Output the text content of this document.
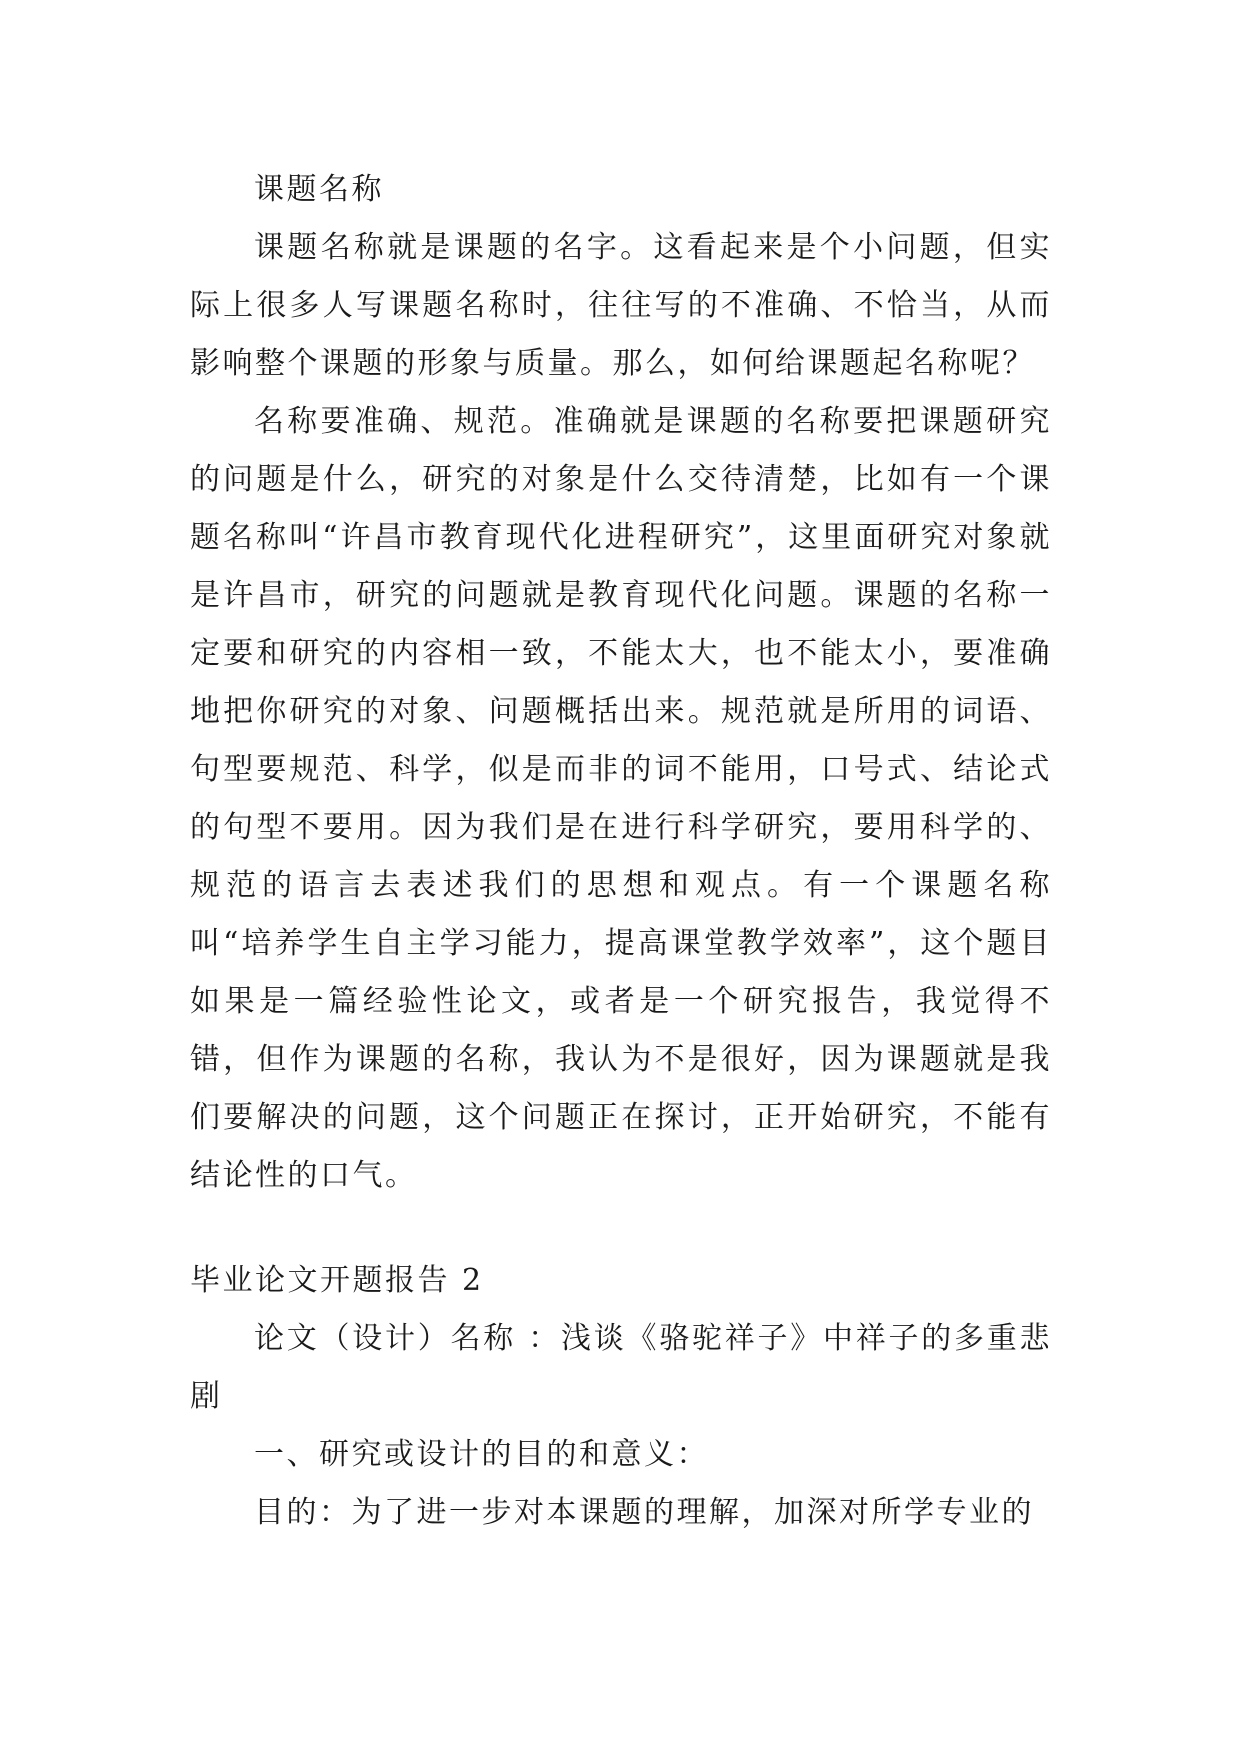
课题名称

课题名称就是课题的名字。这看起来是个小问题，但实际上很多人写课题名称时，往往写的不准确、不恰当，从而影响整个课题的形象与质量。那么，如何给课题起名称呢？

名称要准确、规范。准确就是课题的名称要把课题研究的问题是什么，研究的对象是什么交待清楚，比如有一个课题名称叫“许昌市教育现代化进程研究”，这里面研究对象就是许昌市，研究的问题就是教育现代化问题。课题的名称一定要和研究的内容相一致，不能太大，也不能太小，要准确地把你研究的对象、问题概括出来。规范就是所用的词语、句型要规范、科学，似是而非的词不能用，口号式、结论式的句型不要用。因为我们是在进行科学研究，要用科学的、规范的语言去表述我们的思想和观点。有一个课题名称叫“培养学生自主学习能力，提高课堂教学效率”，这个题目如果是一篇经验性论文，或者是一个研究报告，我觉得不错，但作为课题的名称，我认为不是很好，因为课题就是我们要解决的问题，这个问题正在探讨，正开始研究，不能有结论性的口气。

毕业论文开题报告 2

论文（设计）名称 ：浅谈《骆驼祥子》中祥子的多重悲剧

一、研究或设计的目的和意义：

目的：为了进一步对本课题的理解，加深对所学专业的
